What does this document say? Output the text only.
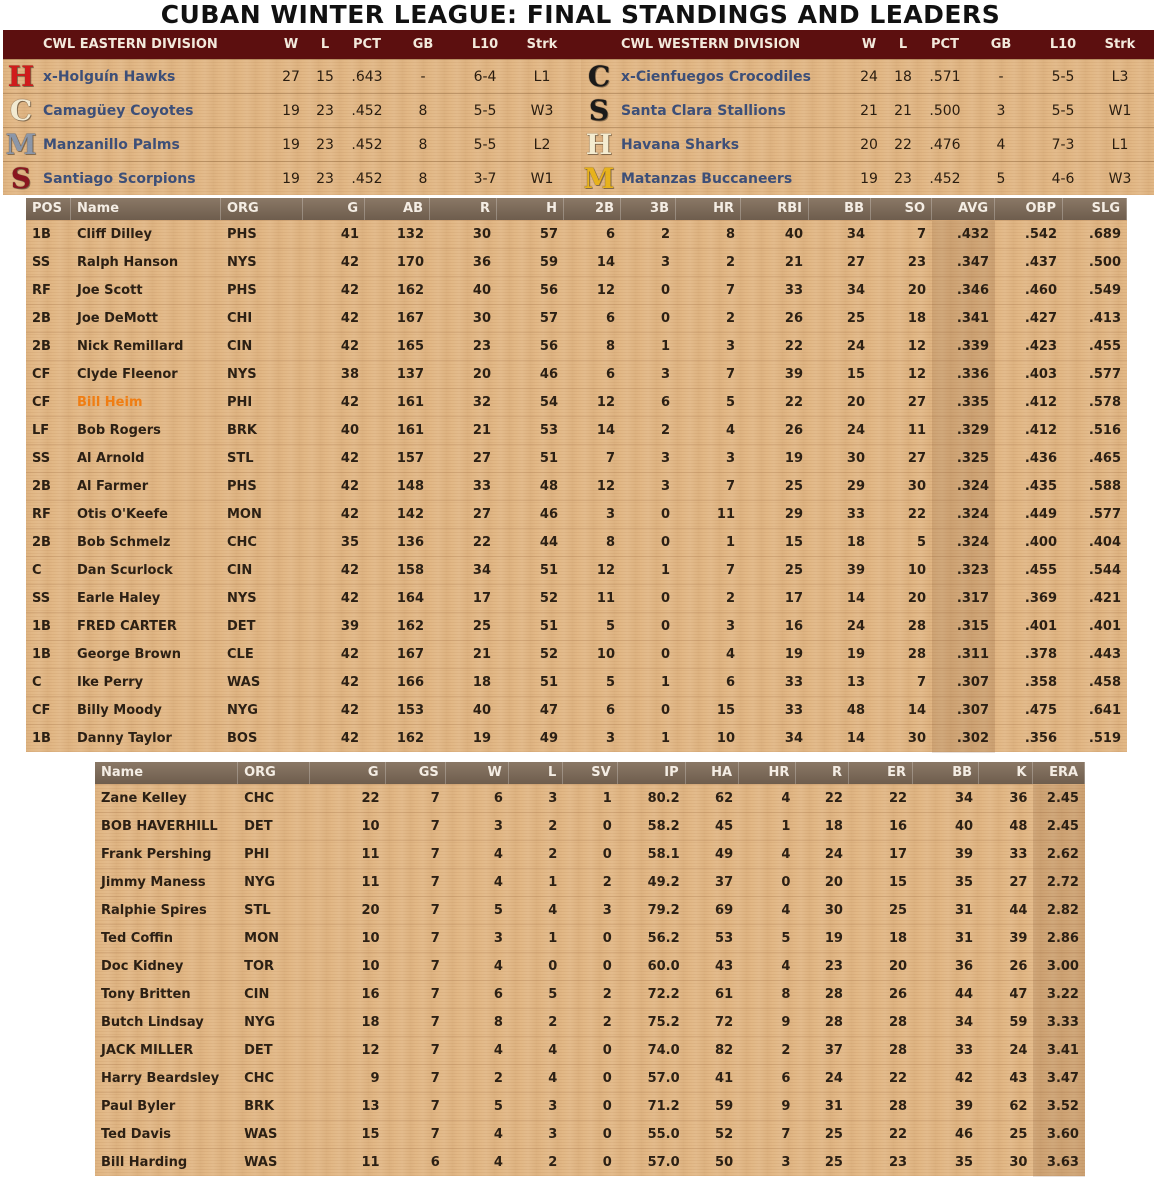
CUBAN WINTER LEAGUE: FINAL STANDINGS AND LEADERS
CWL EASTERN DIVISION	W	L	PCT	GB	L10	Strk
H x-Holguín Hawks	27	15	.643	-	6-4	L1
C Camagüey Coyotes	19	23	.452	8	5-5	W3
M Manzanillo Palms	19	23	.452	8	5-5	L2
S Santiago Scorpions	19	23	.452	8	3-7	W1
CWL WESTERN DIVISION	W	L	PCT	GB	L10	Strk
C x-Cienfuegos Crocodiles	24	18	.571	-	5-5	L3
S Santa Clara Stallions	21	21	.500	3	5-5	W1
H Havana Sharks	20	22	.476	4	7-3	L1
M Matanzas Buccaneers	19	23	.452	5	4-6	W3
POS	Name	ORG	G	AB	R	H	2B	3B	HR	RBI	BB	SO	AVG	OBP	SLG
1B	Cliff Dilley	PHS	41	132	30	57	6	2	8	40	34	7	.432	.542	.689
SS	Ralph Hanson	NYS	42	170	36	59	14	3	2	21	27	23	.347	.437	.500
RF	Joe Scott	PHS	42	162	40	56	12	0	7	33	34	20	.346	.460	.549
2B	Joe DeMott	CHI	42	167	30	57	6	0	2	26	25	18	.341	.427	.413
2B	Nick Remillard	CIN	42	165	23	56	8	1	3	22	24	12	.339	.423	.455
CF	Clyde Fleenor	NYS	38	137	20	46	6	3	7	39	15	12	.336	.403	.577
CF	Bill Heim	PHI	42	161	32	54	12	6	5	22	20	27	.335	.412	.578
LF	Bob Rogers	BRK	40	161	21	53	14	2	4	26	24	11	.329	.412	.516
SS	Al Arnold	STL	42	157	27	51	7	3	3	19	30	27	.325	.436	.465
2B	Al Farmer	PHS	42	148	33	48	12	3	7	25	29	30	.324	.435	.588
RF	Otis O'Keefe	MON	42	142	27	46	3	0	11	29	33	22	.324	.449	.577
2B	Bob Schmelz	CHC	35	136	22	44	8	0	1	15	18	5	.324	.400	.404
C	Dan Scurlock	CIN	42	158	34	51	12	1	7	25	39	10	.323	.455	.544
SS	Earle Haley	NYS	42	164	17	52	11	0	2	17	14	20	.317	.369	.421
1B	FRED CARTER	DET	39	162	25	51	5	0	3	16	24	28	.315	.401	.401
1B	George Brown	CLE	42	167	21	52	10	0	4	19	19	28	.311	.378	.443
C	Ike Perry	WAS	42	166	18	51	5	1	6	33	13	7	.307	.358	.458
CF	Billy Moody	NYG	42	153	40	47	6	0	15	33	48	14	.307	.475	.641
1B	Danny Taylor	BOS	42	162	19	49	3	1	10	34	14	30	.302	.356	.519
Name	ORG	G	GS	W	L	SV	IP	HA	HR	R	ER	BB	K	ERA
Zane Kelley	CHC	22	7	6	3	1	80.2	62	4	22	22	34	36	2.45
BOB HAVERHILL	DET	10	7	3	2	0	58.2	45	1	18	16	40	48	2.45
Frank Pershing	PHI	11	7	4	2	0	58.1	49	4	24	17	39	33	2.62
Jimmy Maness	NYG	11	7	4	1	2	49.2	37	0	20	15	35	27	2.72
Ralphie Spires	STL	20	7	5	4	3	79.2	69	4	30	25	31	44	2.82
Ted Coffin	MON	10	7	3	1	0	56.2	53	5	19	18	31	39	2.86
Doc Kidney	TOR	10	7	4	0	0	60.0	43	4	23	20	36	26	3.00
Tony Britten	CIN	16	7	6	5	2	72.2	61	8	28	26	44	47	3.22
Butch Lindsay	NYG	18	7	8	2	2	75.2	72	9	28	28	34	59	3.33
JACK MILLER	DET	12	7	4	4	0	74.0	82	2	37	28	33	24	3.41
Harry Beardsley	CHC	9	7	2	4	0	57.0	41	6	24	22	42	43	3.47
Paul Byler	BRK	13	7	5	3	0	71.2	59	9	31	28	39	62	3.52
Ted Davis	WAS	15	7	4	3	0	55.0	52	7	25	22	46	25	3.60
Bill Harding	WAS	11	6	4	2	0	57.0	50	3	25	23	35	30	3.63
